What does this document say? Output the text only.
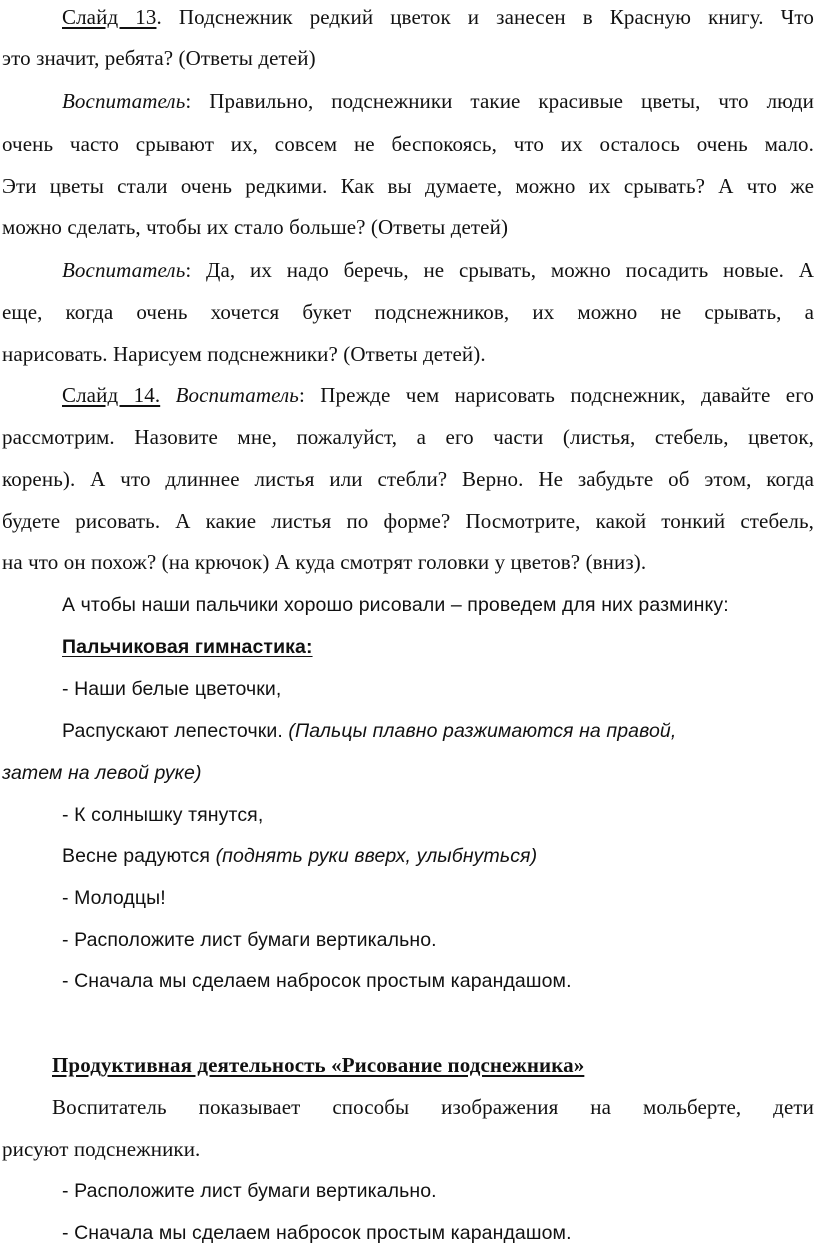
Слайд 13. Подснежник редкий цветок и занесен в Красную книгу. Что
это значит, ребята? (Ответы детей)
Воспитатель: Правильно, подснежники такие красивые цветы, что люди
очень часто срывают их, совсем не беспокоясь, что их осталось очень мало.
Эти цветы стали очень редкими. Как вы думаете, можно их срывать? А что же
можно сделать, чтобы их стало больше? (Ответы детей)
Воспитатель: Да, их надо беречь, не срывать, можно посадить новые. А
еще, когда очень хочется букет подснежников, их можно не срывать, а
нарисовать. Нарисуем подснежники? (Ответы детей).
Слайд 14. Воспитатель: Прежде чем нарисовать подснежник, давайте его
рассмотрим. Назовите мне, пожалуйст, а его части (листья, стебель, цветок,
корень). А что длиннее листья или стебли? Верно. Не забудьте об этом, когда
будете рисовать. А какие листья по форме? Посмотрите, какой тонкий стебель,
на что он похож? (на крючок) А куда смотрят головки у цветов? (вниз).
А чтобы наши пальчики хорошо рисовали – проведем для них разминку:
Пальчиковая гимнастика:
- Наши белые цветочки,
Распускают лепесточки. (Пальцы плавно разжимаются на правой,
затем на левой руке)
- К солнышку тянутся,
Весне радуются (поднять руки вверх, улыбнуться)
- Молодцы!
- Расположите лист бумаги вертикально.
- Сначала мы сделаем набросок простым карандашом.
Продуктивная деятельность «Рисование подснежника»
Воспитатель показывает способы изображения на мольберте, дети
рисуют подснежники.
- Расположите лист бумаги вертикально.
- Сначала мы сделаем набросок простым карандашом.
